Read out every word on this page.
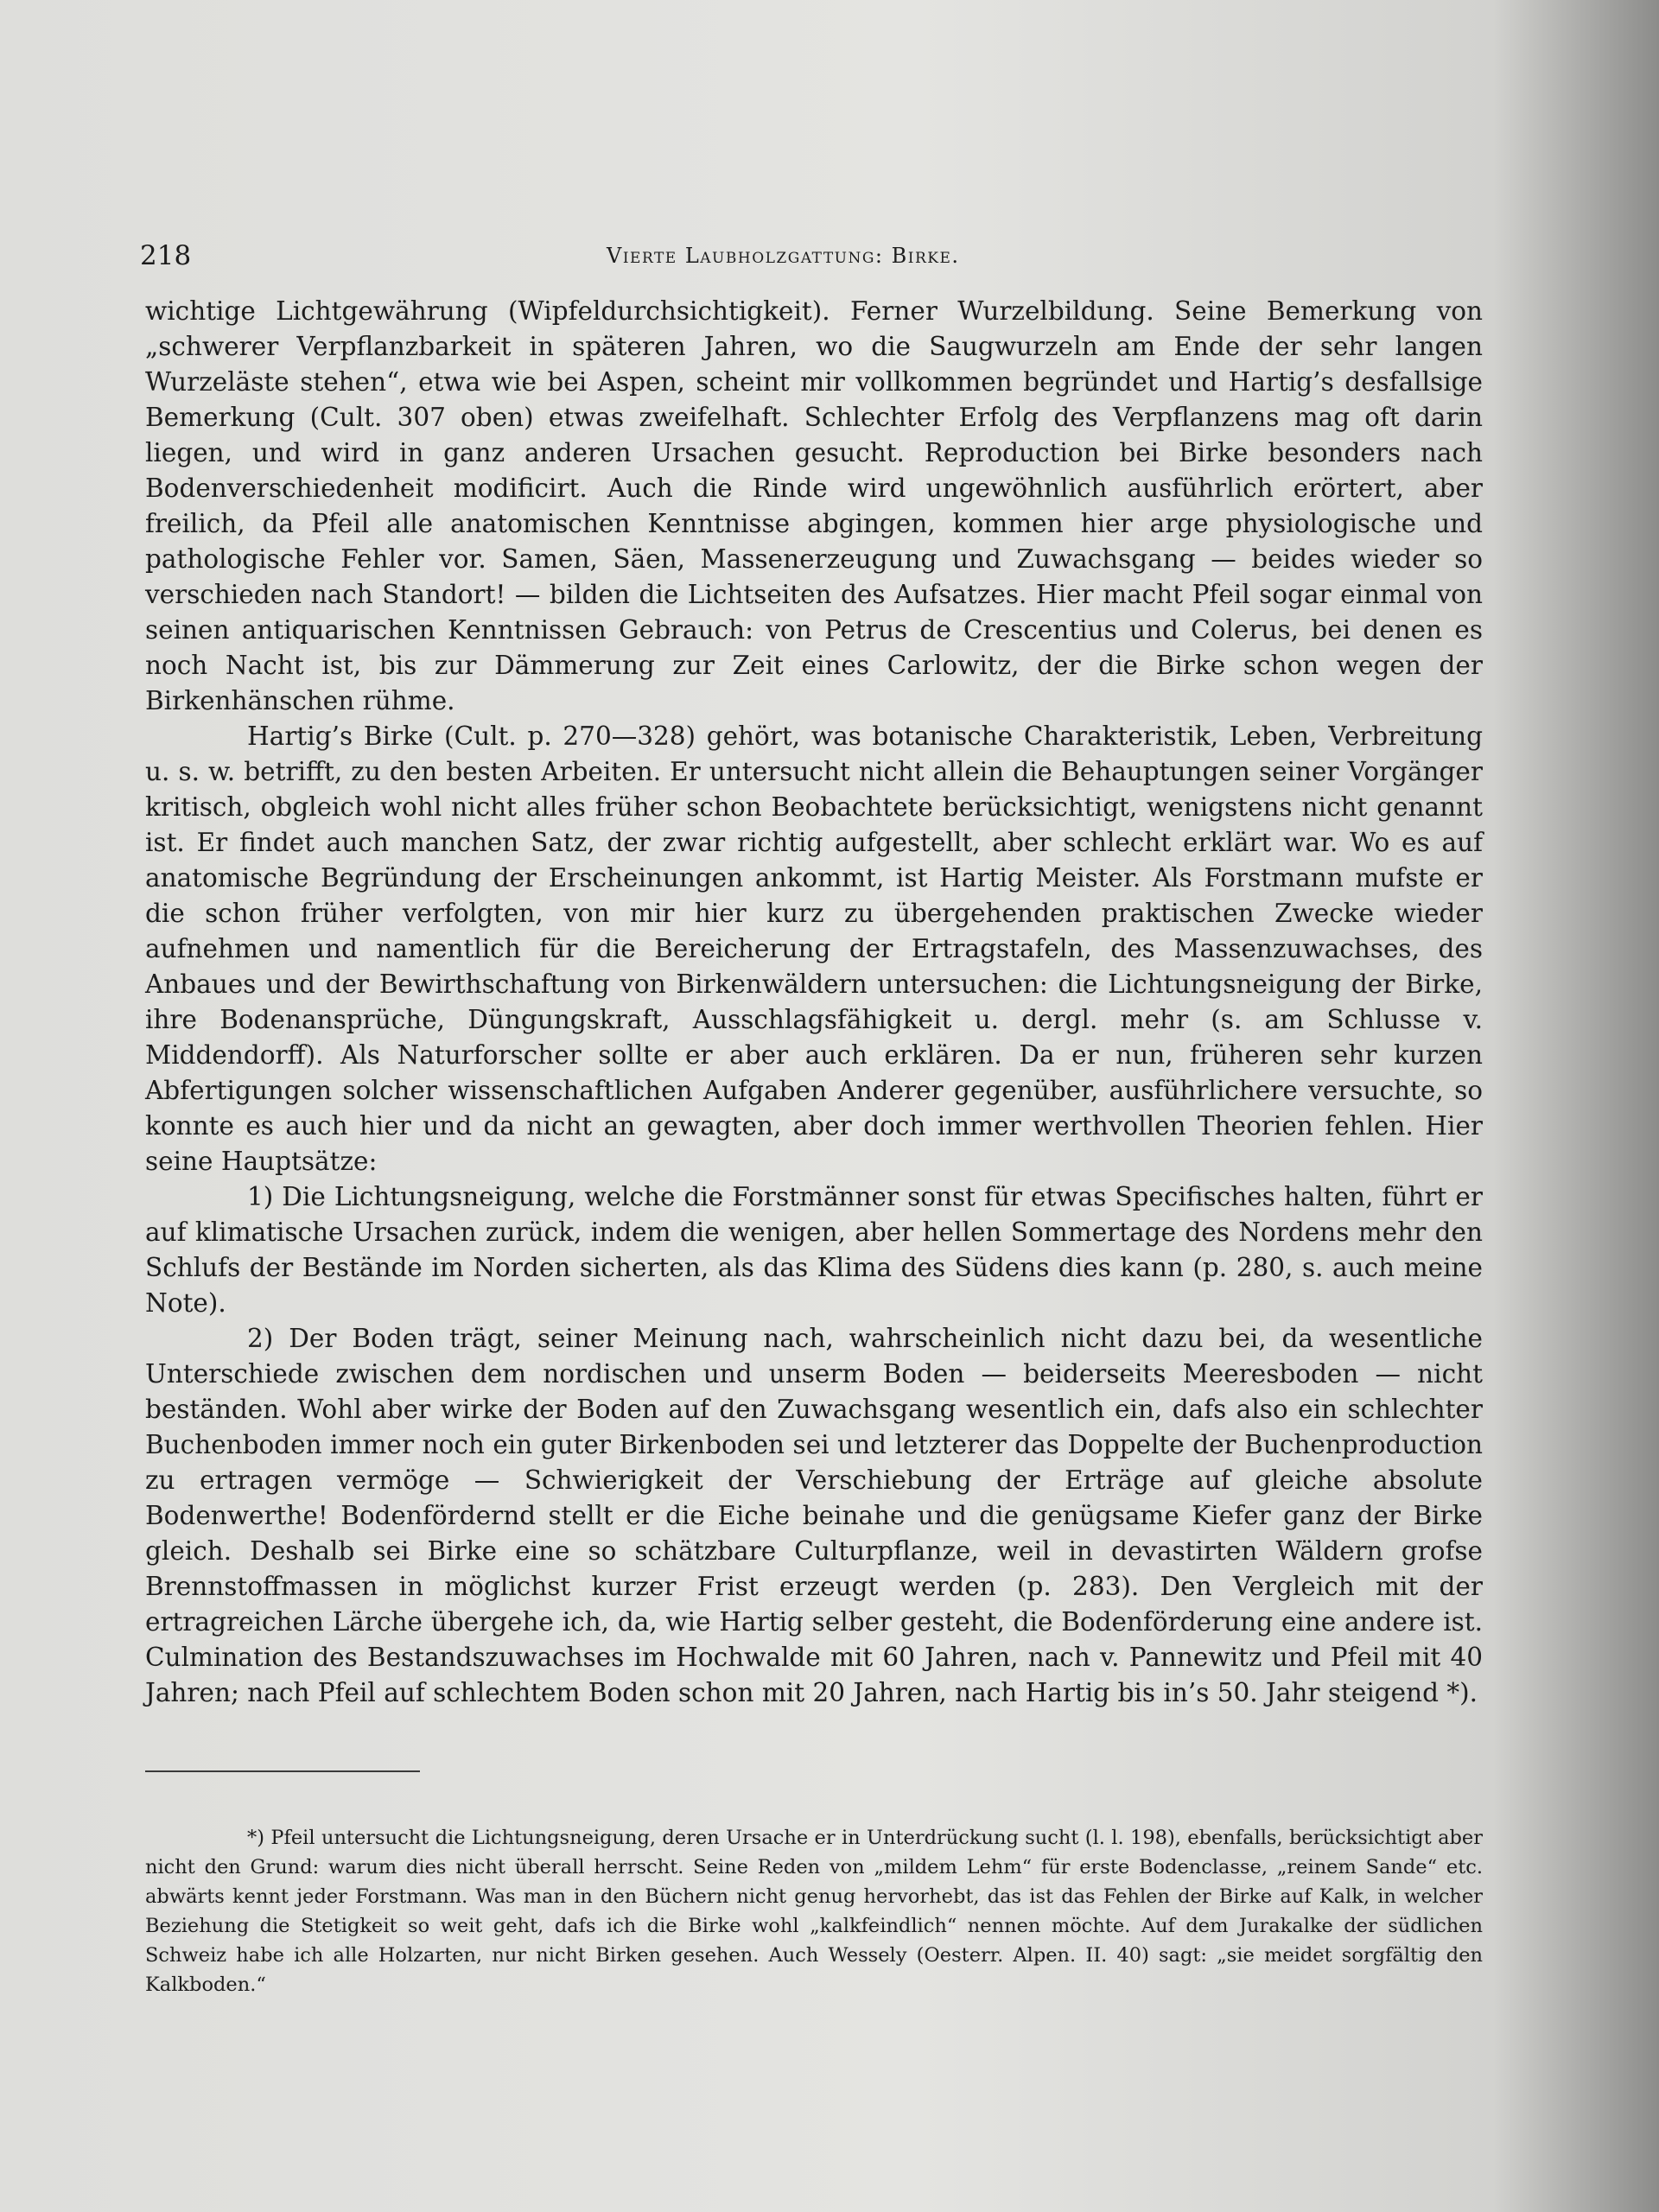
218	Vierte Laubholzgattung: Birke.

wichtige Lichtgewährung (Wipfeldurchsichtigkeit). Ferner Wurzelbildung. Seine Bemerkung von „schwerer Verpflanzbarkeit in späteren Jahren, wo die Saugwurzeln am Ende der sehr langen Wurzeläste stehen“, etwa wie bei Aspen, scheint mir vollkommen begründet und Hartig’s desfallsige Bemerkung (Cult. 307 oben) etwas zweifelhaft. Schlechter Erfolg des Verpflanzens mag oft darin liegen, und wird in ganz anderen Ursachen gesucht. Reproduction bei Birke besonders nach Bodenverschiedenheit modificirt. Auch die Rinde wird ungewöhnlich ausführlich erörtert, aber freilich, da Pfeil alle anatomischen Kenntnisse abgingen, kommen hier arge physiologische und pathologische Fehler vor. Samen, Säen, Massenerzeugung und Zuwachsgang — beides wieder so verschieden nach Standort! — bilden die Lichtseiten des Aufsatzes. Hier macht Pfeil sogar einmal von seinen antiquarischen Kenntnissen Gebrauch: von Petrus de Crescentius und Colerus, bei denen es noch Nacht ist, bis zur Dämmerung zur Zeit eines Carlowitz, der die Birke schon wegen der Birkenhänschen rühme.

Hartig’s Birke (Cult. p. 270—328) gehört, was botanische Charakteristik, Leben, Verbreitung u. s. w. betrifft, zu den besten Arbeiten. Er untersucht nicht allein die Behauptungen seiner Vorgänger kritisch, obgleich wohl nicht alles früher schon Beobachtete berücksichtigt, wenigstens nicht genannt ist. Er findet auch manchen Satz, der zwar richtig aufgestellt, aber schlecht erklärt war. Wo es auf anatomische Begründung der Erscheinungen ankommt, ist Hartig Meister. Als Forstmann mufste er die schon früher verfolgten, von mir hier kurz zu übergehenden praktischen Zwecke wieder aufnehmen und namentlich für die Bereicherung der Ertragstafeln, des Massenzuwachses, des Anbaues und der Bewirthschaftung von Birkenwäldern untersuchen: die Lichtungsneigung der Birke, ihre Bodenansprüche, Düngungskraft, Ausschlagsfähigkeit u. dergl. mehr (s. am Schlusse v. Middendorff). Als Naturforscher sollte er aber auch erklären. Da er nun, früheren sehr kurzen Abfertigungen solcher wissenschaftlichen Aufgaben Anderer gegenüber, ausführlichere versuchte, so konnte es auch hier und da nicht an gewagten, aber doch immer werthvollen Theorien fehlen. Hier seine Hauptsätze:

1) Die Lichtungsneigung, welche die Forstmänner sonst für etwas Specifisches halten, führt er auf klimatische Ursachen zurück, indem die wenigen, aber hellen Sommertage des Nordens mehr den Schlufs der Bestände im Norden sicherten, als das Klima des Südens dies kann (p. 280, s. auch meine Note).

2) Der Boden trägt, seiner Meinung nach, wahrscheinlich nicht dazu bei, da wesentliche Unterschiede zwischen dem nordischen und unserm Boden — beiderseits Meeresboden — nicht beständen. Wohl aber wirke der Boden auf den Zuwachsgang wesentlich ein, dafs also ein schlechter Buchenboden immer noch ein guter Birkenboden sei und letzterer das Doppelte der Buchenproduction zu ertragen vermöge — Schwierigkeit der Verschiebung der Erträge auf gleiche absolute Bodenwerthe! Bodenfördernd stellt er die Eiche beinahe und die genügsame Kiefer ganz der Birke gleich. Deshalb sei Birke eine so schätzbare Culturpflanze, weil in devastirten Wäldern grofse Brennstoffmassen in möglichst kurzer Frist erzeugt werden (p. 283). Den Vergleich mit der ertragreichen Lärche übergehe ich, da, wie Hartig selber gesteht, die Bodenförderung eine andere ist. Culmination des Bestandszuwachses im Hochwalde mit 60 Jahren, nach v. Pannewitz und Pfeil mit 40 Jahren; nach Pfeil auf schlechtem Boden schon mit 20 Jahren, nach Hartig bis in’s 50. Jahr steigend *).

*) Pfeil untersucht die Lichtungsneigung, deren Ursache er in Unterdrückung sucht (l. l. 198), ebenfalls, berücksichtigt aber nicht den Grund: warum dies nicht überall herrscht. Seine Reden von „mildem Lehm“ für erste Bodenclasse, „reinem Sande“ etc. abwärts kennt jeder Forstmann. Was man in den Büchern nicht genug hervorhebt, das ist das Fehlen der Birke auf Kalk, in welcher Beziehung die Stetigkeit so weit geht, dafs ich die Birke wohl „kalkfeindlich“ nennen möchte. Auf dem Jurakalke der südlichen Schweiz habe ich alle Holzarten, nur nicht Birken gesehen. Auch Wessely (Oesterr. Alpen. II. 40) sagt: „sie meidet sorgfältig den Kalkboden.“
